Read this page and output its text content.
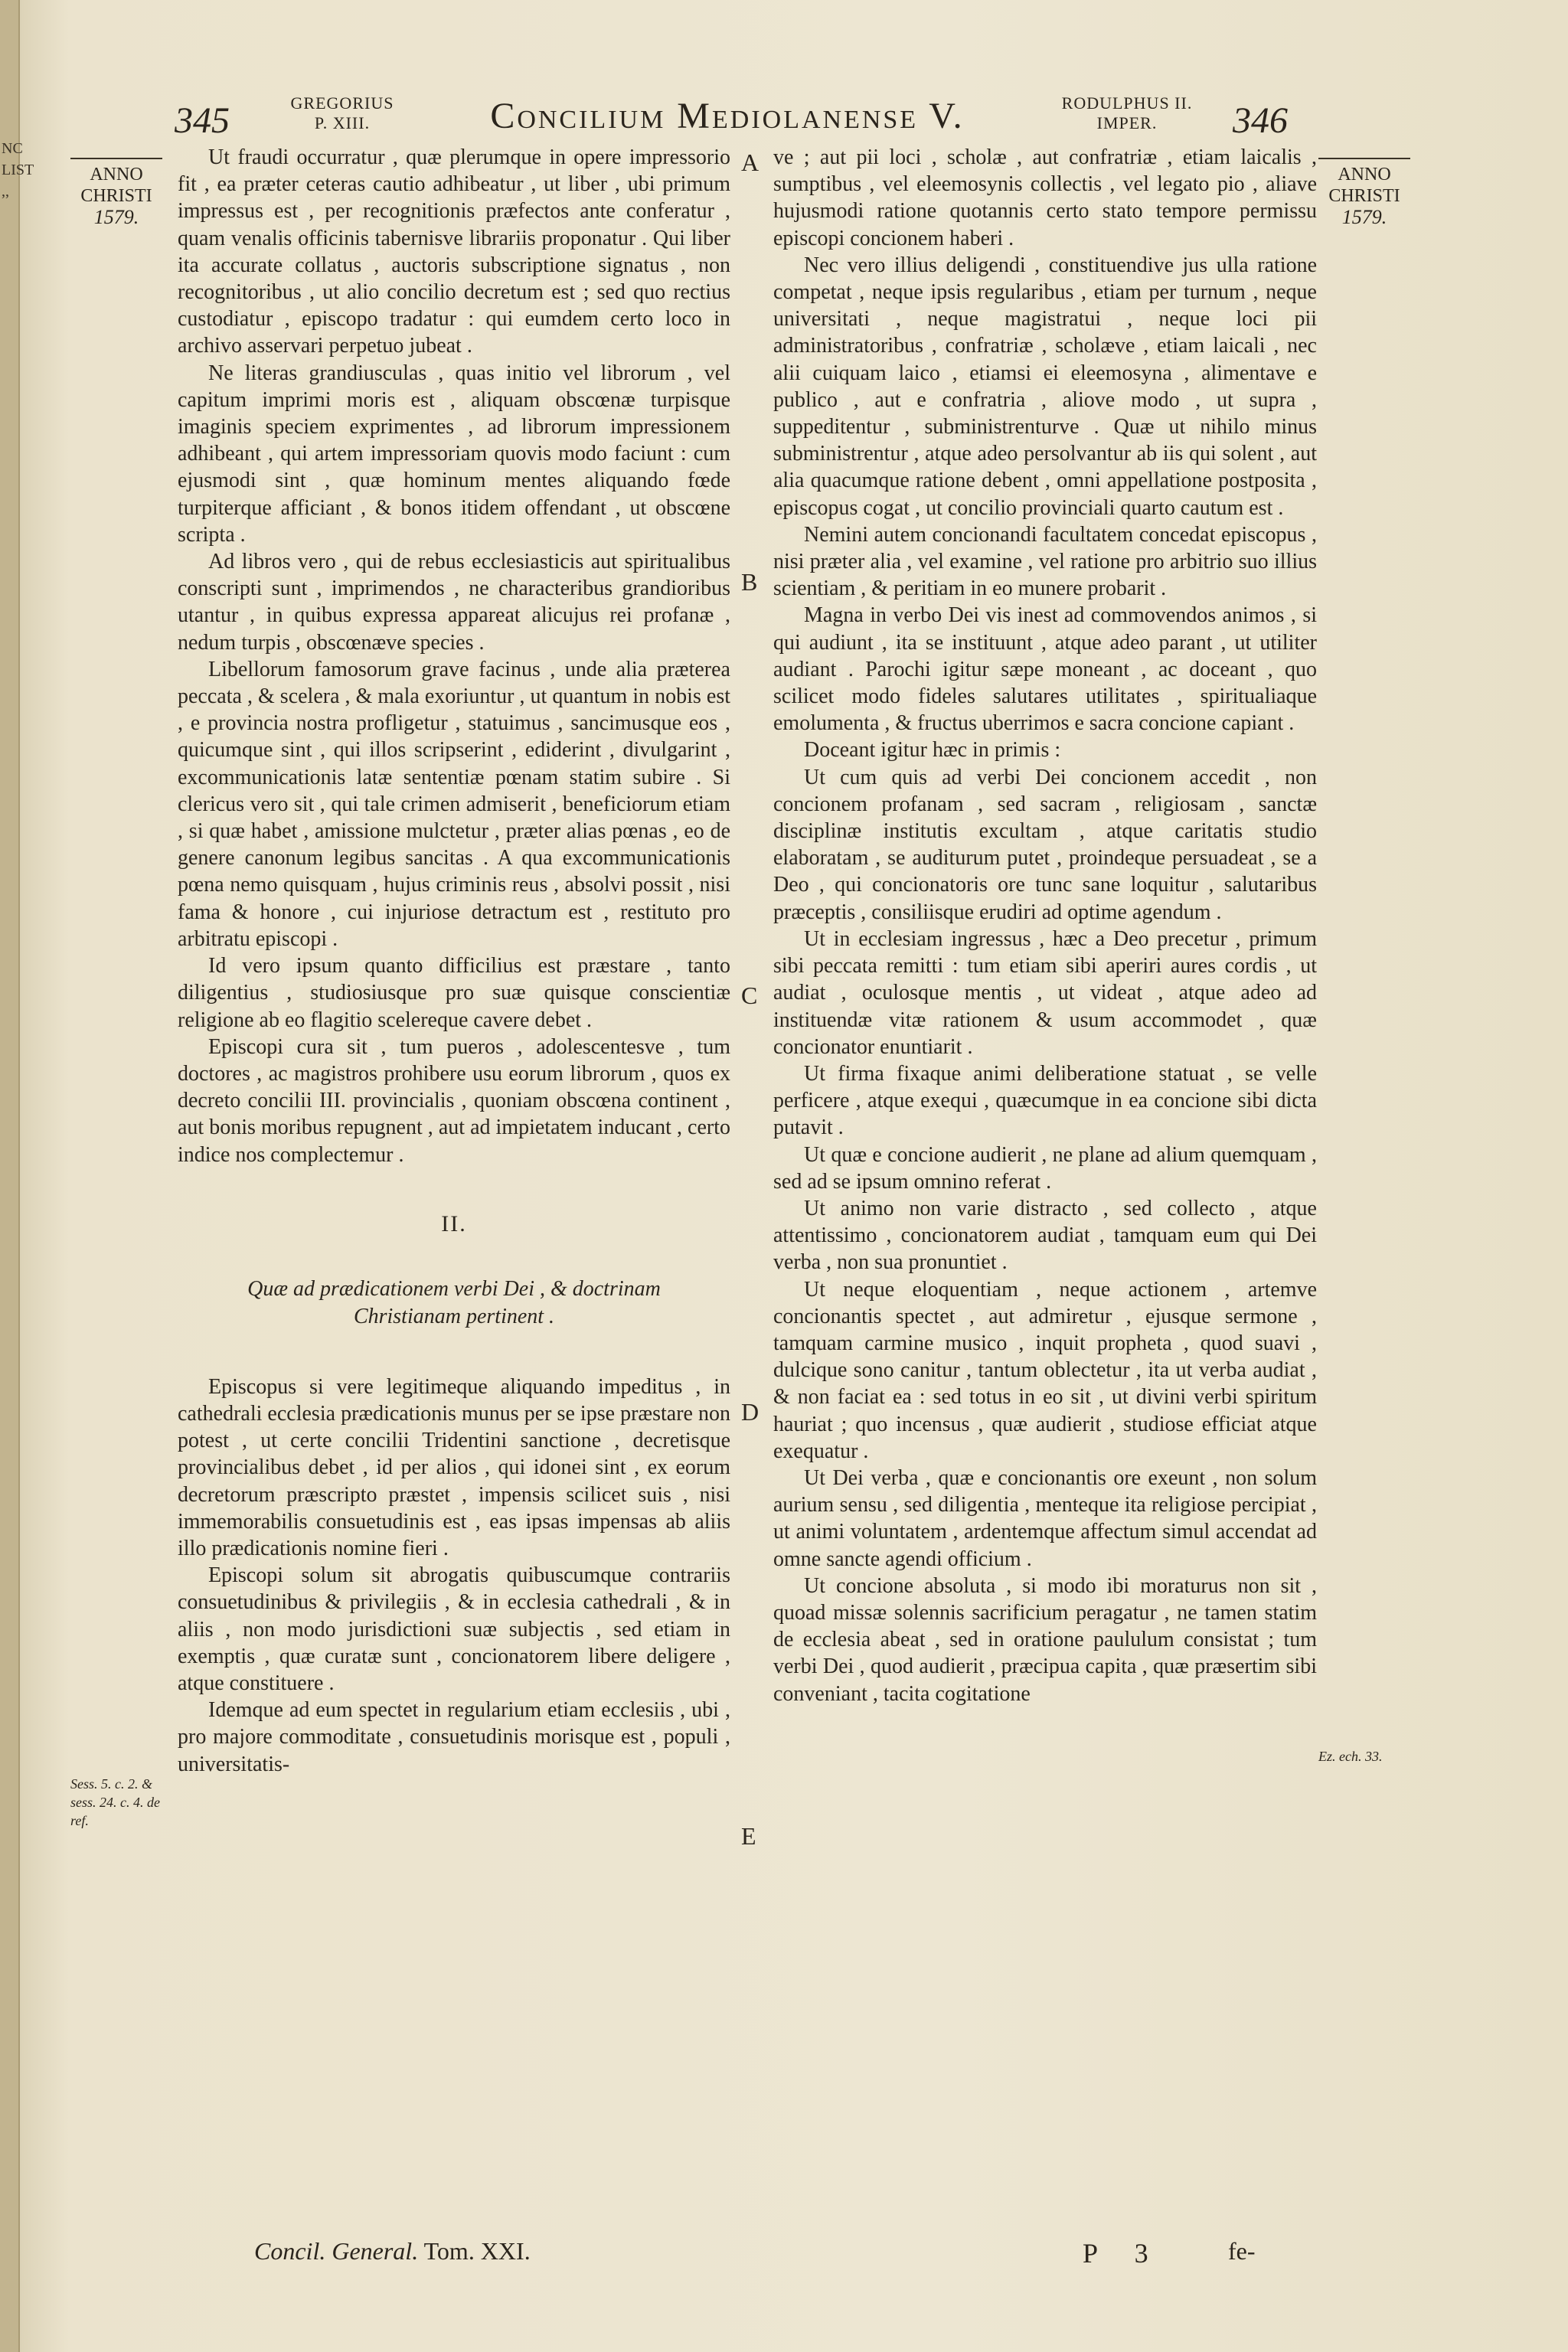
NC LIST ,,
345	GREGORIUS P. XIII.	Concilium Mediolanense V.	RODULPHUS II. IMPER.	346
ANNO CHRISTI
1579.
ANNO CHRISTI
1579.
A
B
C
D
E

Ut fraudi occurratur , quæ plerumque in opere impressorio fit , ea præter ceteras cautio adhibeatur , ut liber , ubi primum impressus est , per recognitionis præfectos ante conferatur , quam venalis officinis tabernisve librariis proponatur . Qui liber ita accurate collatus , auctoris subscriptione signatus , non recognitoribus , ut alio concilio decretum est ; sed quo rectius custodiatur , episcopo tradatur : qui eumdem certo loco in archivo asservari perpetuo jubeat .

Ne literas grandiusculas , quas initio vel librorum , vel capitum imprimi moris est , aliquam obscœnæ turpisque imaginis speciem exprimentes , ad librorum impressionem adhibeant , qui artem impressoriam quovis modo faciunt : cum ejusmodi sint , quæ hominum mentes aliquando fœde turpiterque afficiant , & bonos itidem offendant , ut obscœne scripta .

Ad libros vero , qui de rebus ecclesiasticis aut spiritualibus conscripti sunt , imprimendos , ne characteribus grandioribus utantur , in quibus expressa appareat alicujus rei profanæ , nedum turpis , obscœnæve species .

Libellorum famosorum grave facinus , unde alia præterea peccata , & scelera , & mala exoriuntur , ut quantum in nobis est , e provincia nostra profligetur , statuimus , sancimusque eos , quicumque sint , qui illos scripserint , ediderint , divulgarint , excommunicationis latæ sententiæ pœnam statim subire . Si clericus vero sit , qui tale crimen admiserit , beneficiorum etiam , si quæ habet , amissione mulctetur , præter alias pœnas , eo de genere canonum legibus sancitas . A qua excommunicationis pœna nemo quisquam , hujus criminis reus , absolvi possit , nisi fama & honore , cui injuriose detractum est , restituto pro arbitratu episcopi .

Id vero ipsum quanto difficilius est præstare , tanto diligentius , studiosiusque pro suæ quisque conscientiæ religione ab eo flagitio scelereque cavere debet .

Episcopi cura sit , tum pueros , adolescentesve , tum doctores , ac magistros prohibere usu eorum librorum , quos ex decreto concilii III. provincialis , quoniam obscœna continent , aut bonis moribus repugnent , aut ad impietatem inducant , certo indice nos complectemur .

II.
Quæ ad prædicationem verbi Dei , & doctrinam Christianam pertinent .

Episcopus si vere legitimeque aliquando impeditus , in cathedrali ecclesia prædicationis munus per se ipse præstare non potest , ut certe concilii Tridentini sanctione , decretisque provincialibus debet , id per alios , qui idonei sint , ex eorum decretorum præscripto præstet , impensis scilicet suis , nisi immemorabilis consuetudinis est , eas ipsas impensas ab aliis illo prædicationis nomine fieri .

Episcopi solum sit abrogatis quibuscumque contrariis consuetudinibus & privilegiis , & in ecclesia cathedrali , & in aliis , non modo jurisdictioni suæ subjectis , sed etiam in exemptis , quæ curatæ sunt , concionatorem libere deligere , atque constituere .

Idemque ad eum spectet in regularium etiam ecclesiis , ubi , pro majore commoditate , consuetudinis morisque est , populi , universitatis-

ve ; aut pii loci , scholæ , aut confratriæ , etiam laicalis , sumptibus , vel eleemosynis collectis , vel legato pio , aliave hujusmodi ratione quotannis certo stato tempore permissu episcopi concionem haberi .

Nec vero illius deligendi , constituendive jus ulla ratione competat , neque ipsis regularibus , etiam per turnum , neque universitati , neque magistratui , neque loci pii administratoribus , confratriæ , scholæve , etiam laicali , nec alii cuiquam laico , etiamsi ei eleemosyna , alimentave e publico , aut e confratria , aliove modo , ut supra , suppeditentur , subministrenturve . Quæ ut nihilo minus subministrentur , atque adeo persolvantur ab iis qui solent , aut alia quacumque ratione debent , omni appellatione postposita , episcopus cogat , ut concilio provinciali quarto cautum est .

Nemini autem concionandi facultatem concedat episcopus , nisi præter alia , vel examine , vel ratione pro arbitrio suo illius scientiam , & peritiam in eo munere probarit .

Magna in verbo Dei vis inest ad commovendos animos , si qui audiunt , ita se instituunt , atque adeo parant , ut utiliter audiant . Parochi igitur sæpe moneant , ac doceant , quo scilicet modo fideles salutares utilitates , spiritualiaque emolumenta , & fructus uberrimos e sacra concione capiant .

Doceant igitur hæc in primis :

Ut cum quis ad verbi Dei concionem accedit , non concionem profanam , sed sacram , religiosam , sanctæ disciplinæ institutis excultam , atque caritatis studio elaboratam , se auditurum putet , proindeque persuadeat , se a Deo , qui concionatoris ore tunc sane loquitur , salutaribus præceptis , consiliisque erudiri ad optime agendum .

Ut in ecclesiam ingressus , hæc a Deo precetur , primum sibi peccata remitti : tum etiam sibi aperiri aures cordis , ut audiat , oculosque mentis , ut videat , atque adeo ad instituendæ vitæ rationem & usum accommodet , quæ concionator enuntiarit .

Ut firma fixaque animi deliberatione statuat , se velle perficere , atque exequi , quæcumque in ea concione sibi dicta putavit .

Ut quæ e concione audierit , ne plane ad alium quemquam , sed ad se ipsum omnino referat .

Ut animo non varie distracto , sed collecto , atque attentissimo , concionatorem audiat , tamquam eum qui Dei verba , non sua pronuntiet .

Ut neque eloquentiam , neque actionem , artemve concionantis spectet , aut admiretur , ejusque sermone , tamquam carmine musico , inquit propheta , quod suavi , dulcique sono canitur , tantum oblectetur , ita ut verba audiat , & non faciat ea : sed totus in eo sit , ut divini verbi spiritum hauriat ; quo incensus , quæ audierit , studiose efficiat atque exequatur .

Ut Dei verba , quæ e concionantis ore exeunt , non solum aurium sensu , sed diligentia , menteque ita religiose percipiat , ut animi voluntatem , ardentemque affectum simul accendat ad omne sancte agendi officium .

Ut concione absoluta , si modo ibi moraturus non sit , quoad missæ solennis sacrificium peragatur , ne tamen statim de ecclesia abeat , sed in oratione paululum consistat ; tum verbi Dei , quod audierit , præcipua capita , quæ præsertim sibi conveniant , tacita cogitatione

Sess. 5. c. 2. & sess. 24. c. 4. de ref.
Ez. ech. 33.
Concil. General. Tom. XXI.	P 3	fe-
